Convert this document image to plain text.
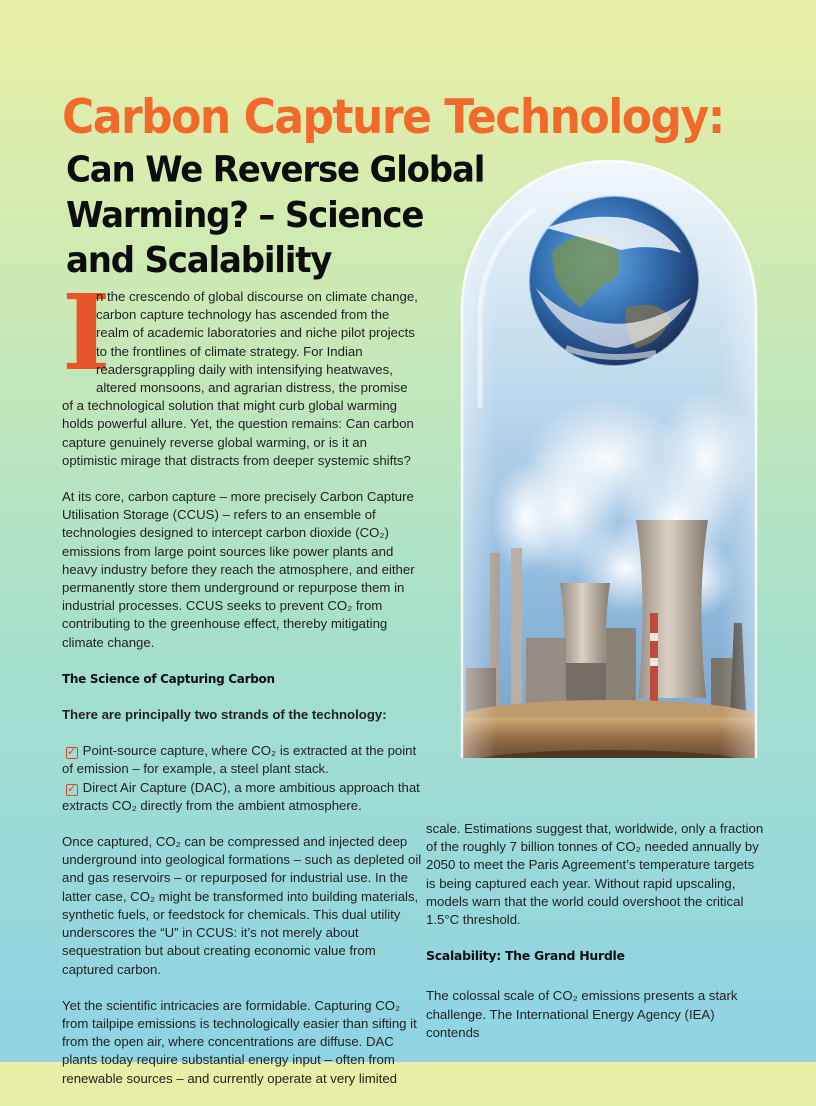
Carbon Capture Technology:
Can We Reverse Global Warming? – Science and Scalability

I
n the crescendo of global discourse on climate change, carbon capture technology has ascended from the realm of academic laboratories and niche pilot projects to the frontlines of climate strategy. For Indian readersgrappling daily with intensifying heatwaves, altered monsoons, and agrarian distress, the promise of a technological solution that might curb global warming holds powerful allure. Yet, the question remains: Can carbon capture genuinely reverse global warming, or is it an optimistic mirage that distracts from deeper systemic shifts?

At its core, carbon capture – more precisely Carbon Capture Utilisation Storage (CCUS) – refers to an ensemble of technologies designed to intercept carbon dioxide (CO₂) emissions from large point sources like power plants and heavy industry before they reach the atmosphere, and either permanently store them underground or repurpose them in industrial processes. CCUS seeks to prevent CO₂ from contributing to the greenhouse effect, thereby mitigating climate change.

The Science of Capturing Carbon

There are principally two strands of the technology:

✓ Point-source capture, where CO₂ is extracted at the point of emission – for example, a steel plant stack.

✓ Direct Air Capture (DAC), a more ambitious approach that extracts CO₂ directly from the ambient atmosphere.

Once captured, CO₂ can be compressed and injected deep underground into geological formations – such as depleted oil and gas reservoirs – or repurposed for industrial use. In the latter case, CO₂ might be transformed into building materials, synthetic fuels, or feedstock for chemicals. This dual utility underscores the “U” in CCUS: it’s not merely about sequestration but about creating economic value from captured carbon.

Yet the scientific intricacies are formidable. Capturing CO₂ from tailpipe emissions is technologically easier than sifting it from the open air, where concentrations are diffuse. DAC plants today require substantial energy input – often from renewable sources – and currently operate at very limited

scale. Estimations suggest that, worldwide, only a fraction of the roughly 7 billion tonnes of CO₂ needed annually by 2050 to meet the Paris Agreement’s temperature targets is being captured each year. Without rapid upscaling, models warn that the world could overshoot the critical 1.5°C threshold.

Scalability: The Grand Hurdle

The colossal scale of CO₂ emissions presents a stark challenge. The International Energy Agency (IEA) contends
